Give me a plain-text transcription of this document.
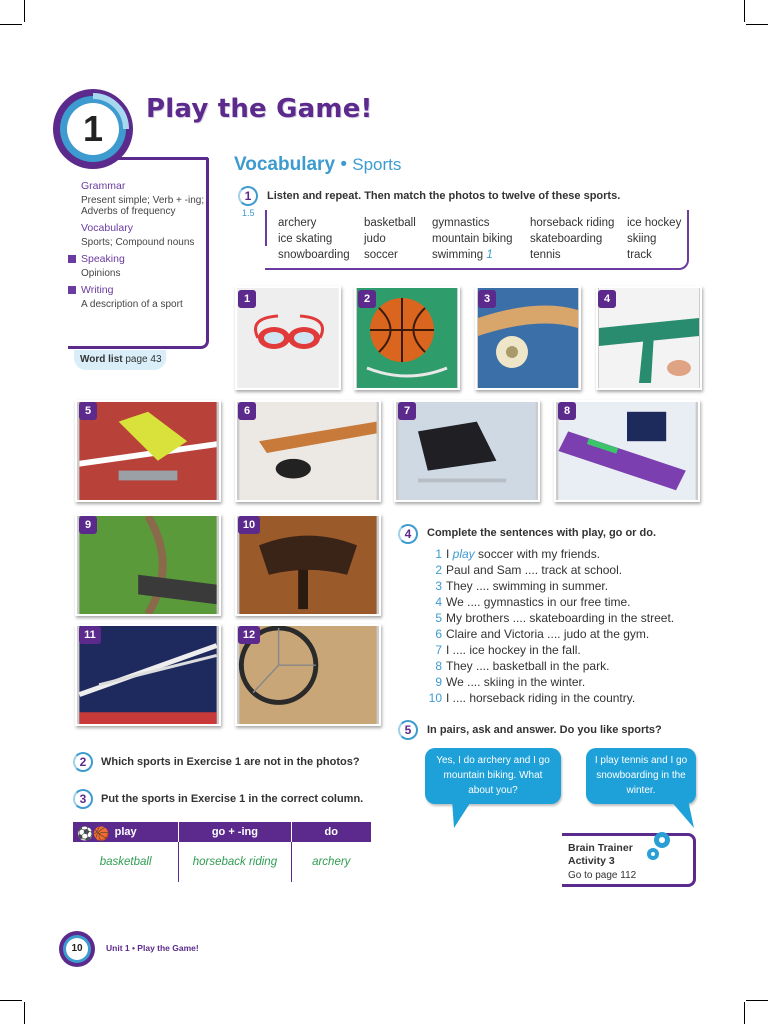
1	Play the Game!
Grammar
Present simple; Verb + -ing; Adverbs of frequency
Vocabulary
Sports; Compound nouns
Speaking
Opinions
Writing
A description of a sport
Word list page 43
Vocabulary • Sports
1
1.5
Listen and repeat. Then match the photos to twelve of these sports.
archery	basketball	gymnastics	horseback riding	ice hockey
ice skating	judo	mountain biking	skateboarding	skiing
snowboarding	soccer	swimming 1	tennis	track
1	2	3	4
5	6	7	8
9	10
11	12
4	Complete the sentences with play, go or do.
1 I play soccer with my friends.
2 Paul and Sam .... track at school.
3 They .... swimming in summer.
4 We .... gymnastics in our free time.
5 My brothers .... skateboarding in the street.
6 Claire and Victoria .... judo at the gym.
7 I .... ice hockey in the fall.
8 They .... basketball in the park.
9 We .... skiing in the winter.
10 I .... horseback riding in the country.
5	In pairs, ask and answer. Do you like sports?
Yes, I do archery and I go mountain biking. What about you?
I play tennis and I go snowboarding in the winter.
Brain Trainer Activity 3
Go to page 112
2	Which sports in Exercise 1 are not in the photos?
3	Put the sports in Exercise 1 in the correct column.
⚽🏀 play	go + -ing	do
basketball	horseback riding	archery
10	Unit 1 • Play the Game!
